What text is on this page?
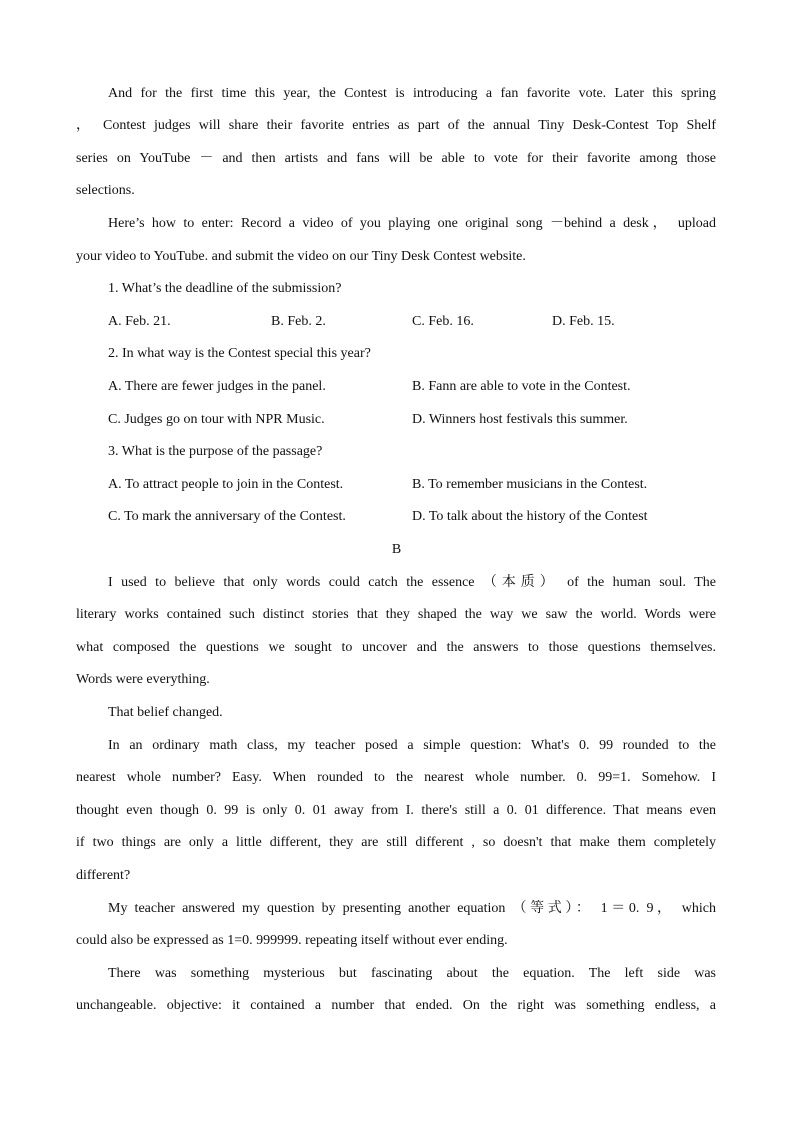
And for the first time this year, the Contest is introducing a fan favorite vote. Later this spring
， Contest judges will share their favorite entries as part of the annual Tiny Desk-Contest Top Shelf
series on YouTube － and then artists and fans will be able to vote for their favorite among those
selections.
Here’s how to enter: Record a video of you playing one original song －behind a desk， upload
your video to YouTube. and submit the video on our Tiny Desk Contest website.
1. What’s the deadline of the submission?
A. Feb. 21.	B. Feb. 2.	C. Feb. 16.	D. Feb. 15.
2. In what way is the Contest special this year?
A. There are fewer judges in the panel.	B. Fann are able to vote in the Contest.
C. Judges go on tour with NPR Music.	D. Winners host festivals this summer.
3. What is the purpose of the passage?
A. To attract people to join in the Contest.	B. To remember musicians in the Contest.
C. To mark the anniversary of the Contest.	D. To talk about the history of the Contest
B
I used to believe that only words could catch the essence （本质） of the human soul. The
literary works contained such distinct stories that they shaped the way we saw the world. Words were
what composed the questions we sought to uncover and the answers to those questions themselves.
Words were everything.
That belief changed.
In an ordinary math class, my teacher posed a simple question: What's 0. 99 rounded to the
nearest whole number? Easy. When rounded to the nearest whole number. 0. 99=1. Somehow. I
thought even though 0. 99 is only 0. 01 away from I. there's still a 0. 01 difference. That means even
if two things are only a little different, they are still different , so doesn't that make them completely
different?
My teacher answered my question by presenting another equation （等式）： 1＝0. 9， which
could also be expressed as 1=0. 999999. repeating itself without ever ending.
There was something mysterious but fascinating about the equation. The left side was
unchangeable. objective: it contained a number that ended. On the right was something endless, a
